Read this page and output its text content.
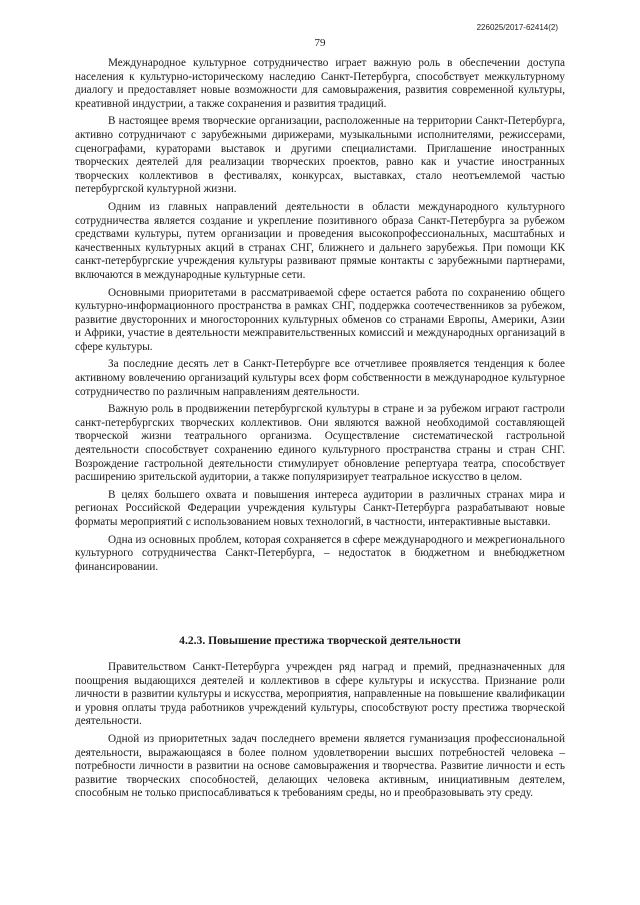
226025/2017-62414(2)
79

Международное культурное сотрудничество играет важную роль в обеспечении доступа населения к культурно-историческому наследию Санкт-Петербурга, способствует межкультурному диалогу и предоставляет новые возможности для самовыражения, развития современной культуры, креативной индустрии, а также сохранения и развития традиций.

В настоящее время творческие организации, расположенные на территории Санкт-Петербурга, активно сотрудничают с зарубежными дирижерами, музыкальными исполнителями, режиссерами, сценографами, кураторами выставок и другими специалистами. Приглашение иностранных творческих деятелей для реализации творческих проектов, равно как и участие иностранных творческих коллективов в фестивалях, конкурсах, выставках, стало неотъемлемой частью петербургской культурной жизни.

Одним из главных направлений деятельности в области международного культурного сотрудничества является создание и укрепление позитивного образа Санкт-Петербурга за рубежом средствами культуры, путем организации и проведения высокопрофессиональных, масштабных и качественных культурных акций в странах СНГ, ближнего и дальнего зарубежья. При помощи КК санкт-петербургские учреждения культуры развивают прямые контакты с зарубежными партнерами, включаются в международные культурные сети.

Основными приоритетами в рассматриваемой сфере остается работа по сохранению общего культурно-информационного пространства в рамках СНГ, поддержка соотечественников за рубежом, развитие двусторонних и многосторонних культурных обменов со странами Европы, Америки, Азии и Африки, участие в деятельности межправительственных комиссий и международных организаций в сфере культуры.

За последние десять лет в Санкт-Петербурге все отчетливее проявляется тенденция к более активному вовлечению организаций культуры всех форм собственности в международное культурное сотрудничество по различным направлениям деятельности.

Важную роль в продвижении петербургской культуры в стране и за рубежом играют гастроли санкт-петербургских творческих коллективов. Они являются важной необходимой составляющей творческой жизни театрального организма. Осуществление систематической гастрольной деятельности способствует сохранению единого культурного пространства страны и стран СНГ. Возрождение гастрольной деятельности стимулирует обновление репертуара театра, способствует расширению зрительской аудитории, а также популяризирует театральное искусство в целом.

В целях большего охвата и повышения интереса аудитории в различных странах мира и регионах Российской Федерации учреждения культуры Санкт-Петербурга разрабатывают новые форматы мероприятий с использованием новых технологий, в частности, интерактивные выставки.

Одна из основных проблем, которая сохраняется в сфере международного и межрегионального культурного сотрудничества Санкт-Петербурга, – недостаток в бюджетном и внебюджетном финансировании.

4.2.3. Повышение престижа творческой деятельности

Правительством Санкт-Петербурга учрежден ряд наград и премий, предназначенных для поощрения выдающихся деятелей и коллективов в сфере культуры и искусства. Признание роли личности в развитии культуры и искусства, мероприятия, направленные на повышение квалификации и уровня оплаты труда работников учреждений культуры, способствуют росту престижа творческой деятельности.

Одной из приоритетных задач последнего времени является гуманизация профессиональной деятельности, выражающаяся в более полном удовлетворении высших потребностей человека – потребности личности в развитии на основе самовыражения и творчества. Развитие личности и есть развитие творческих способностей, делающих человека активным, инициативным деятелем, способным не только приспосабливаться к требованиям среды, но и преобразовывать эту среду.
